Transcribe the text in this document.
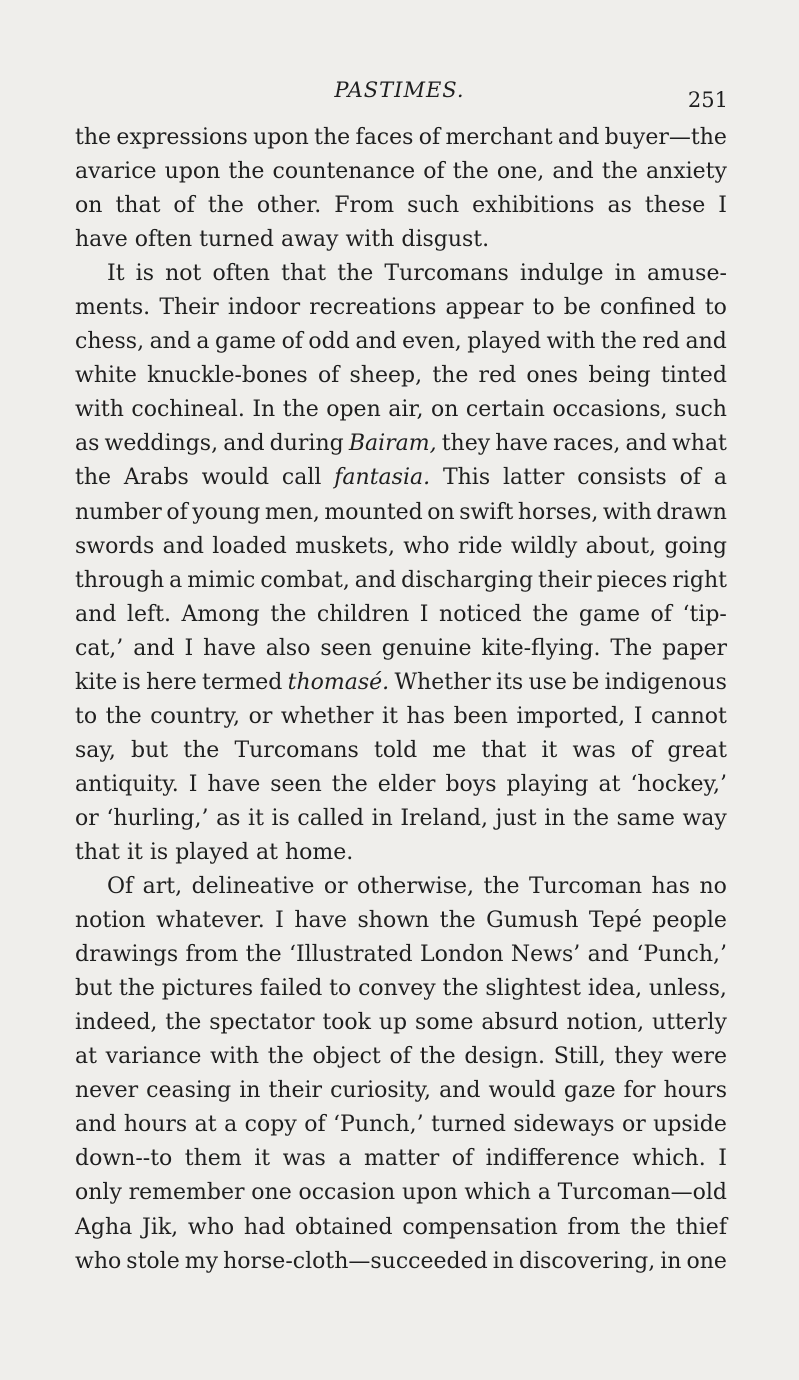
PASTIMES.	251
the expressions upon the faces of merchant and buyer—the
avarice upon the countenance of the one, and the anxiety
on that of the other. From such exhibitions as these I
have often turned away with disgust.
It is not often that the Turcomans indulge in amuse-
ments. Their indoor recreations appear to be confined to
chess, and a game of odd and even, played with the red and
white knuckle-bones of sheep, the red ones being tinted
with cochineal. In the open air, on certain occasions, such
as weddings, and during Bairam, they have races, and what
the Arabs would call fantasia. This latter consists of a
number of young men, mounted on swift horses, with drawn
swords and loaded muskets, who ride wildly about, going
through a mimic combat, and discharging their pieces right
and left. Among the children I noticed the game of ‘tip-
cat,’ and I have also seen genuine kite-flying. The paper
kite is here termed thomasé. Whether its use be indigenous
to the country, or whether it has been imported, I cannot
say, but the Turcomans told me that it was of great
antiquity. I have seen the elder boys playing at ‘hockey,’
or ‘hurling,’ as it is called in Ireland, just in the same way
that it is played at home.
Of art, delineative or otherwise, the Turcoman has no
notion whatever. I have shown the Gumush Tepé people
drawings from the ‘Illustrated London News’ and ‘Punch,’
but the pictures failed to convey the slightest idea, unless,
indeed, the spectator took up some absurd notion, utterly
at variance with the object of the design. Still, they were
never ceasing in their curiosity, and would gaze for hours
and hours at a copy of ‘Punch,’ turned sideways or upside
down--to them it was a matter of indifference which. I
only remember one occasion upon which a Turcoman—old
Agha Jik, who had obtained compensation from the thief
who stole my horse-cloth—succeeded in discovering, in one
